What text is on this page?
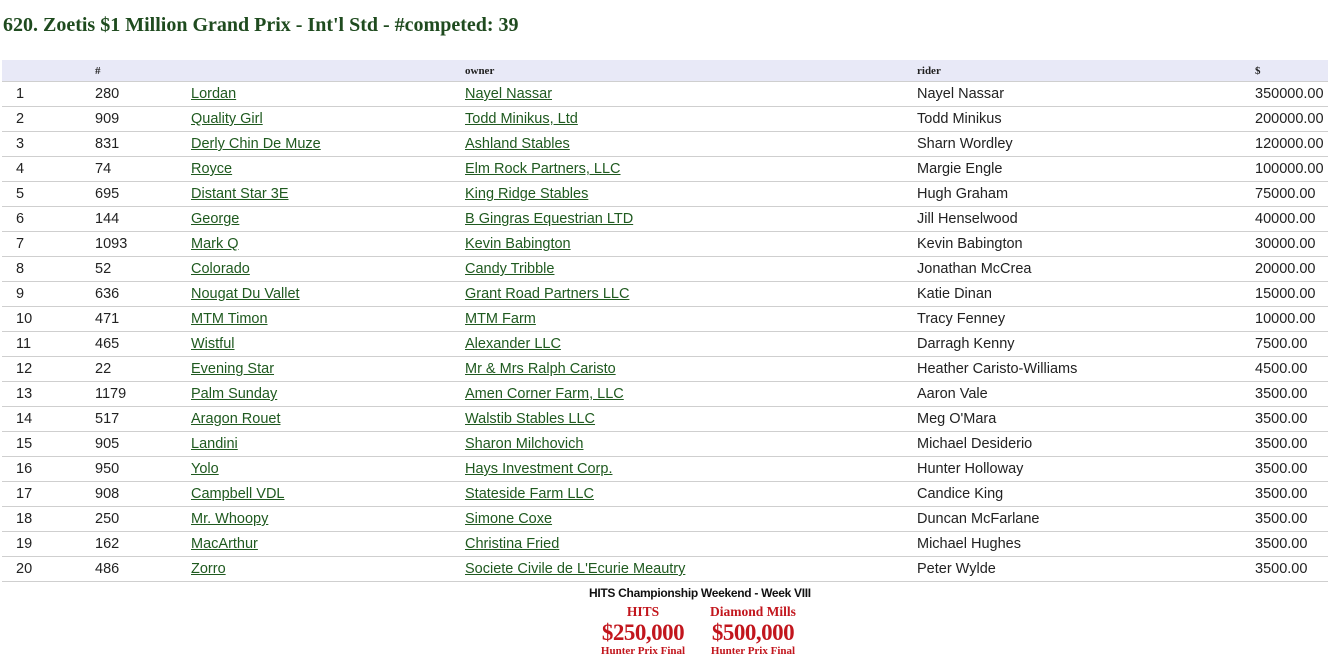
620. Zoetis $1 Million Grand Prix - Int'l Std - #competed: 39
	#		owner	rider	$
1	280	Lordan	Nayel Nassar	Nayel Nassar	350000.00
2	909	Quality Girl	Todd Minikus, Ltd	Todd Minikus	200000.00
3	831	Derly Chin De Muze	Ashland Stables	Sharn Wordley	120000.00
4	74	Royce	Elm Rock Partners, LLC	Margie Engle	100000.00
5	695	Distant Star 3E	King Ridge Stables	Hugh Graham	75000.00
6	144	George	B Gingras Equestrian LTD	Jill Henselwood	40000.00
7	1093	Mark Q	Kevin Babington	Kevin Babington	30000.00
8	52	Colorado	Candy Tribble	Jonathan McCrea	20000.00
9	636	Nougat Du Vallet	Grant Road Partners LLC	Katie Dinan	15000.00
10	471	MTM Timon	MTM Farm	Tracy Fenney	10000.00
11	465	Wistful	Alexander LLC	Darragh Kenny	7500.00
12	22	Evening Star	Mr & Mrs Ralph Caristo	Heather Caristo-Williams	4500.00
13	1179	Palm Sunday	Amen Corner Farm, LLC	Aaron Vale	3500.00
14	517	Aragon Rouet	Walstib Stables LLC	Meg O'Mara	3500.00
15	905	Landini	Sharon Milchovich	Michael Desiderio	3500.00
16	950	Yolo	Hays Investment Corp.	Hunter Holloway	3500.00
17	908	Campbell VDL	Stateside Farm LLC	Candice King	3500.00
18	250	Mr. Whoopy	Simone Coxe	Duncan McFarlane	3500.00
19	162	MacArthur	Christina Fried	Michael Hughes	3500.00
20	486	Zorro	Societe Civile de L'Ecurie Meautry	Peter Wylde	3500.00
HITS Championship Weekend - Week VIII
HITS
$250,000
Hunter Prix Final
Diamond Mills
$500,000
Hunter Prix Final
